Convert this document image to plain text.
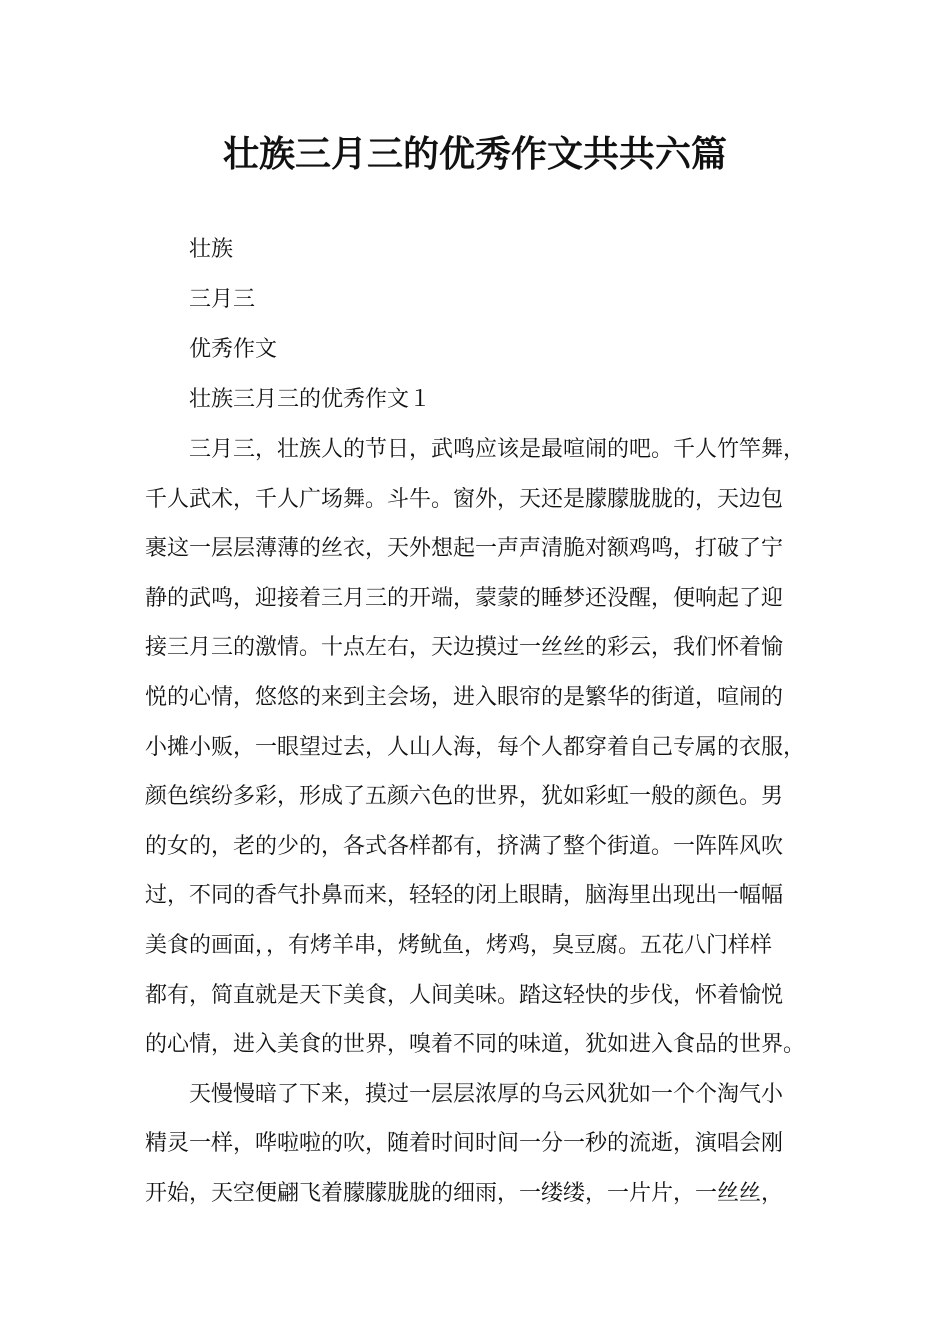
壮族三月三的优秀作文共共六篇

壮族

三月三

优秀作文

壮族三月三的优秀作文１

三月三，壮族人的节日，武鸣应该是最喧闹的吧。千人竹竿舞，
千人武术，千人广场舞。斗牛。窗外，天还是朦朦胧胧的，天边包
裹这一层层薄薄的丝衣，天外想起一声声清脆对额鸡鸣，打破了宁
静的武鸣，迎接着三月三的开端，蒙蒙的睡梦还没醒，便响起了迎
接三月三的激情。十点左右，天边摸过一丝丝的彩云，我们怀着愉
悦的心情，悠悠的来到主会场，进入眼帘的是繁华的街道，喧闹的
小摊小贩，一眼望过去，人山人海，每个人都穿着自己专属的衣服，
颜色缤纷多彩，形成了五颜六色的世界，犹如彩虹一般的颜色。男
的女的，老的少的，各式各样都有，挤满了整个街道。一阵阵风吹
过，不同的香气扑鼻而来，轻轻的闭上眼睛，脑海里出现出一幅幅
美食的画面，，有烤羊串，烤鱿鱼，烤鸡，臭豆腐。五花八门样样
都有，简直就是天下美食，人间美味。踏这轻快的步伐，怀着愉悦
的心情，进入美食的世界，嗅着不同的味道，犹如进入食品的世界。
天慢慢暗了下来，摸过一层层浓厚的乌云风犹如一个个淘气小
精灵一样，哗啦啦的吹，随着时间时间一分一秒的流逝，演唱会刚
开始，天空便翩飞着朦朦胧胧的细雨，一缕缕，一片片，一丝丝，
